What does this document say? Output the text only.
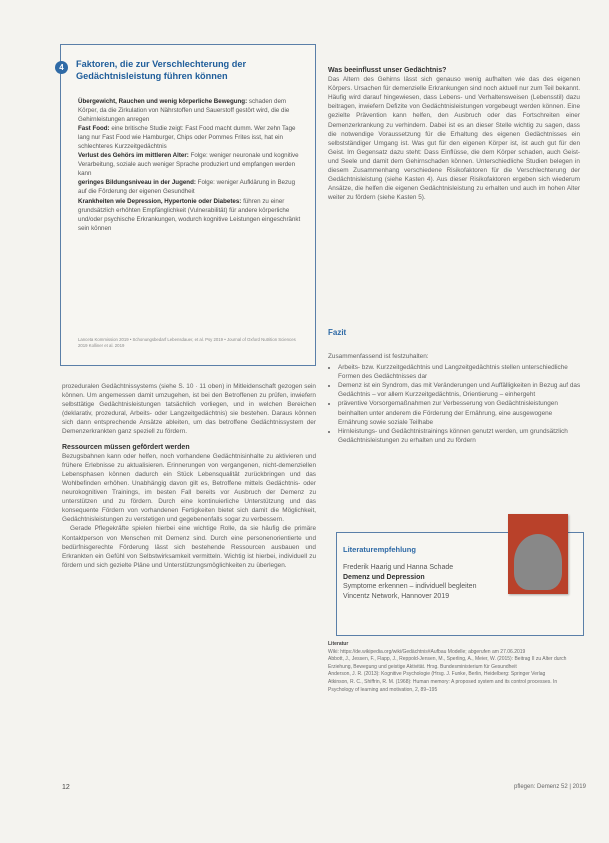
4	Faktoren, die zur Verschlechterung der Gedächtnisleistung führen können

Übergewicht, Rauchen und wenig körperliche Bewegung: schaden dem Körper, da die Zirkulation von Nährstoffen und Sauerstoff gestört wird, die die Gehirnleistungen anregen

Fast Food: eine britische Studie zeigt: Fast Food macht dumm. Wer zehn Tage lang nur Fast Food wie Hamburger, Chips oder Pommes Frites isst, hat ein schlechteres Kurzzeitgedächtnis

Verlust des Gehörs im mittleren Alter: Folge: weniger neuronale und kognitive Verarbeitung, soziale auch weniger Sprache produziert und empfangen werden kann

geringes Bildungsniveau in der Jugend: Folge: weniger Aufklärung in Bezug auf die Förderung der eigenen Gesundheit

Krankheiten wie Depression, Hypertonie oder Diabetes: führen zu einer grundsätzlich erhöhten Empfänglichkeit (Vulnerabilität) für andere körperliche und/oder psychische Erkrankungen, wodurch kognitive Leistungen eingeschränkt sein können

Lanceta Kommission 2019 • Schonungsbedarf Lebensdauer, et al. Psy 2019 • Journal of Oxford Nutrition Sciences 2019 Kolliner et al. 2019

prozeduralen Gedächtnissystems (siehe S. 10 · 11 oben) in Mitleidenschaft gezogen sein können. Um angemessen damit umzugehen, ist bei den Betroffenen zu prüfen, inwiefern selbsttätige Gedächtnisleistungen tatsächlich vorliegen, und in welchen Bereichen (deklarativ, prozedural, Arbeits- oder Langzeitgedächtnis) sie bestehen. Daraus können sich dann entsprechende Ansätze ableiten, um das betroffene Gedächtnissystem der Demenzerkrankten ganz speziell zu fördern.

Ressourcen müssen gefördert werden

Bezugsbahnen kann oder helfen, noch vorhandene Gedächtnisinhalte zu aktivieren und frühere Erlebnisse zu aktualisieren. Erinnerungen von vergangenen, nicht-demenziellen Lebensphasen können dadurch ein Stück Lebensqualität zurückbringen und das Wohlbefinden erhöhen. Unabhängig davon gilt es, Betroffene mittels Gedächtnis- oder neurokognitiven Trainings, im besten Fall bereits vor Ausbruch der Demenz zu unterstützen und zu fördern. Durch eine kontinuierliche Unterstützung und das konsequente Fördern von vorhandenen Fertigkeiten bietet sich damit die Möglichkeit, Gedächtnisleistungen zu verstetigen und gegebenenfalls sogar zu verbessern.

Gerade Pflegekräfte spielen hierbei eine wichtige Rolle, da sie häufig die primäre Kontaktperson von Menschen mit Demenz sind. Durch eine personenorientierte und bedürfnisgerechte Förderung lässt sich bestehende Ressourcen ausbauen und Erkrankten ein Gefühl von Selbstwirksamkeit vermitteln. Wichtig ist hierbei, individuell zu fördern und sich gezielte Pläne und Unterstützungsmöglichkeiten zu überlegen.

Was beeinflusst unser Gedächtnis?

Das Altern des Gehirns lässt sich genauso wenig aufhalten wie das des eigenen Körpers. Ursachen für demenzielle Erkrankungen sind noch aktuell nur zum Teil bekannt. Häufig wird darauf hingewiesen, dass Lebens- und Verhaltensweisen (Lebensstil) dazu beitragen, inwiefern Defizite von Gedächtnisleistungen vorgebeugt werden können. Eine gezielte Prävention kann helfen, den Ausbruch oder das Fortschreiten einer Demenzerkrankung zu verhindern. Dabei ist es an dieser Stelle wichtig zu sagen, dass die notwendige Voraussetzung für die Erhaltung des eigenen Gedächtnisses ein selbstständiger Umgang ist. Was gut für den eigenen Körper ist, ist auch gut für den Geist. Im Gegensatz dazu steht: Dass Einflüsse, die dem Körper schaden, auch Geist- und Seele und damit dem Gehirnschaden können. Unterschiedliche Studien belegen in diesem Zusammenhang verschiedene Risikofaktoren für die Verschlechterung der Gedächtnisleistung (siehe Kasten 4). Aus dieser Risikofaktoren ergeben sich wiederum Ansätze, die helfen die eigenen Gedächtnisleistung zu erhalten und auch im hohen Alter weiter zu fördern (siehe Kasten 5).

Fazit
Zusammenfassend ist festzuhalten:
• Arbeits- bzw. Kurzzeitgedächtnis und Langzeitgedächtnis stellen unterschiedliche Formen des Gedächtnisses dar
• Demenz ist ein Syndrom, das mit Veränderungen und Auffälligkeiten in Bezug auf das Gedächtnis – vor allem Kurzzeitgedächtnis, Orientierung – einhergeht
• präventive Vorsorgemaßnahmen zur Verbesserung von Gedächtnisleistungen beinhalten unter anderem die Förderung der Ernährung, eine ausgewogene Ernährung sowie soziale Teilhabe
• Hirnleistungs- und Gedächtnistrainings können genutzt werden, um grundsätzlich Gedächtnisleistungen zu erhalten und zu fördern
Literaturempfehlung
Frederik Haarig und Hanna Schade
Demenz und Depression
Symptome erkennen – individuell begleiten
Vincentz Network, Hannover 2019
Literatur
Wiki: https://de.wikipedia.org/wiki/Gedächtnis#Aufbau Modelle; abgerufen am 27.06.2019
Abbott, J., Jessen, F., Flapp, J., Reppold-Jensen, M., Sperling, A., Meier, W. (2015): Beitrag II zu Alter durch Erziehung, Bewegung und geistige Aktivität. Hrsg. Bundesministerium für Gesundheit
Anderson, J. R. (2013): Kognitive Psychologie (Hrsg. J. Funke, Berlin, Heidelberg: Springer Verlag
Atkinson, R. C., Shiffrin, R. M. (1968): Human memory: A proposed system and its control processes. In Psychology of learning and motivation, 2, 89–195
12	pflegen: Demenz 52 | 2019
